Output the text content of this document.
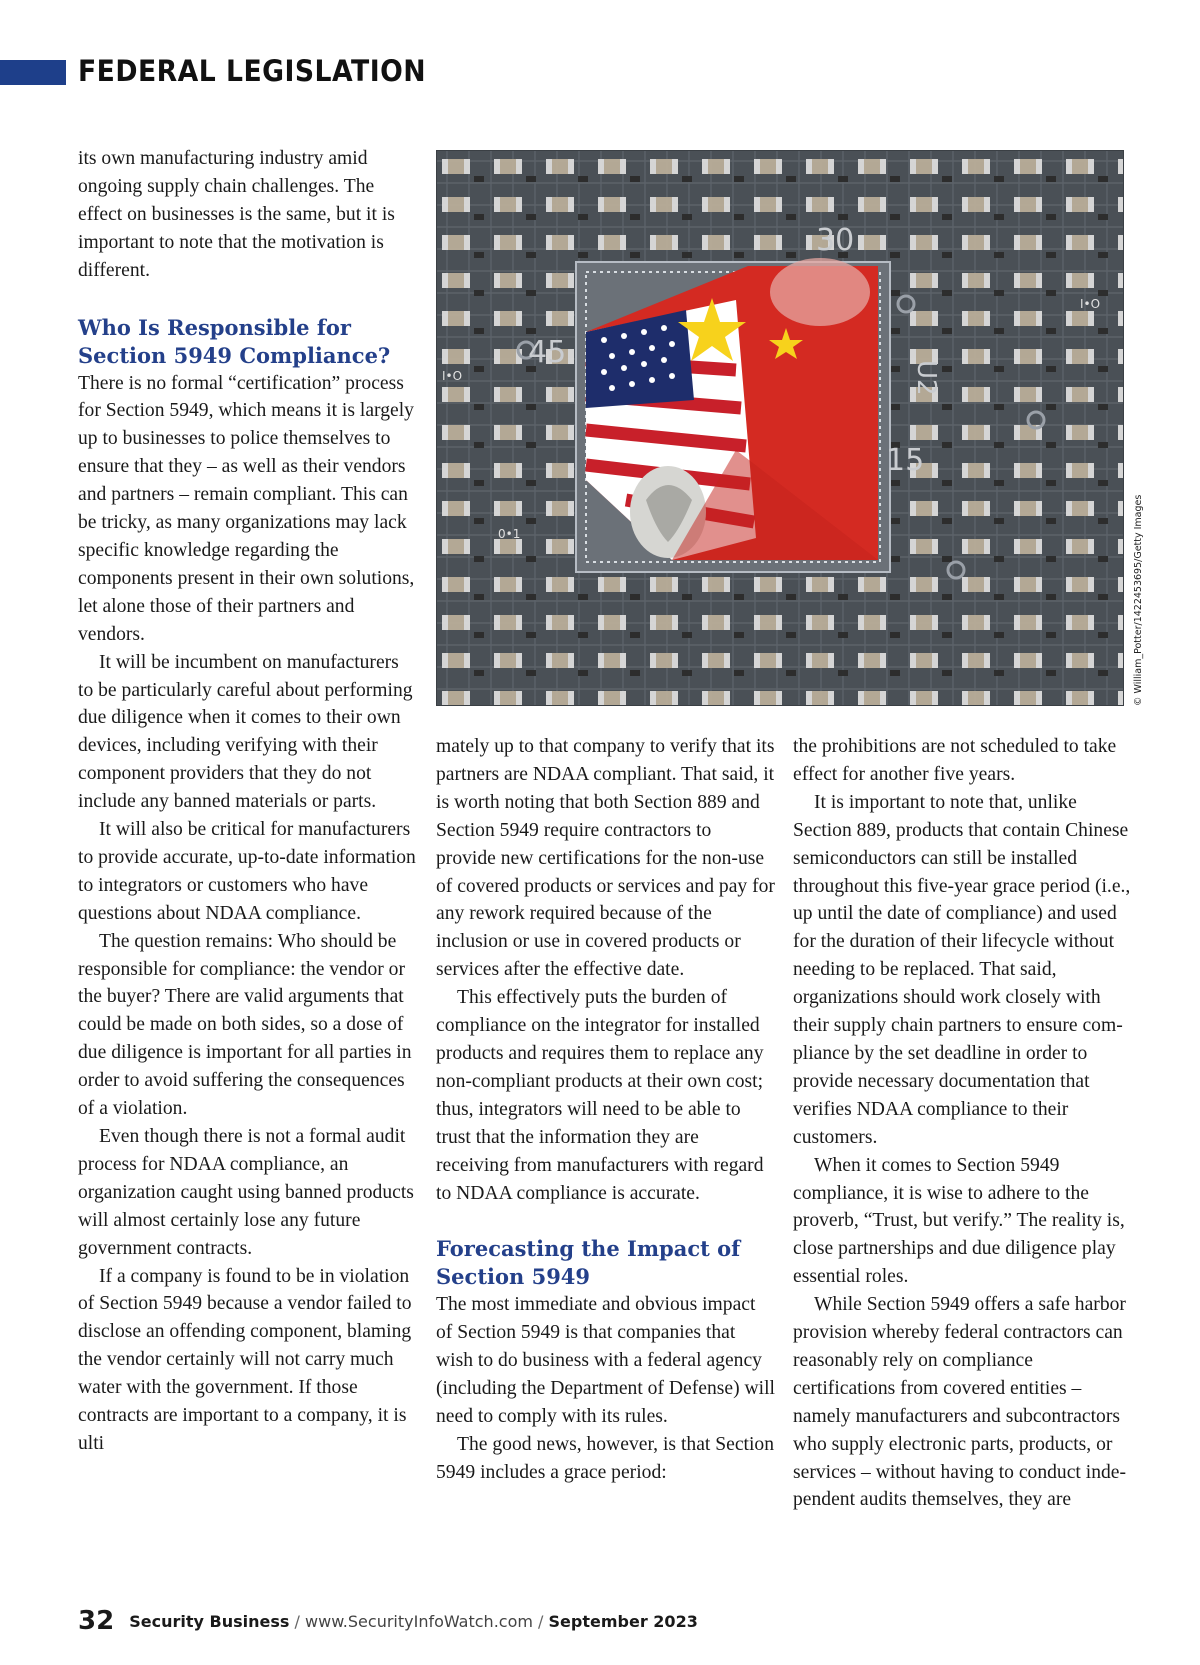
FEDERAL LEGISLATION

its own manufacturing industry amid ongoing supply chain challenges. The effect on businesses is the same, but it is important to note that the motivation is different.

Who Is Responsible for Section 5949 Compliance?

There is no formal “certification” process for Section 5949, which means it is largely up to businesses to police themselves to ensure that they – as well as their vendors and partners – remain compliant. This can be tricky, as many organizations may lack specific knowledge regarding the components present in their own solutions, let alone those of their partners and vendors.

It will be incumbent on manufacturers to be particularly careful about performing due diligence when it comes to their own devices, including verifying with their component providers that they do not include any banned materials or parts.

It will also be critical for manufacturers to provide accurate, up-to-date information to integrators or customers who have questions about NDAA compliance.

The question remains: Who should be responsible for compliance: the vendor or the buyer? There are valid arguments that could be made on both sides, so a dose of due diligence is important for all parties in order to avoid suffering the consequences of a violation.

Even though there is not a formal audit process for NDAA compliance, an organization caught using banned products will almost certainly lose any future government contracts.

If a company is found to be in violation of Section 5949 because a vendor failed to disclose an offending component, blaming the vendor certainly will not carry much water with the government. If those contracts are important to a company, it is ulti

30
45
U2
15
I•O
I•O
0•1	© William_Potter/1422453695/Getty Images

mately up to that company to verify that its partners are NDAA compliant. That said, it is worth noting that both Section 889 and Section 5949 require contractors to provide new certifications for the non-use of covered products or services and pay for any rework required because of the inclusion or use in covered products or services after the effective date.

This effectively puts the burden of compliance on the integrator for installed products and requires them to replace any non-compliant products at their own cost; thus, integrators will need to be able to trust that the information they are receiving from manufacturers with regard to NDAA compliance is accurate.

Forecasting the Impact of Section 5949

The most immediate and obvious impact of Section 5949 is that companies that wish to do business with a federal agency (including the Department of Defense) will need to comply with its rules.

The good news, however, is that Section 5949 includes a grace period:

the prohibitions are not scheduled to take effect for another five years.

It is important to note that, unlike Section 889, products that contain Chinese semiconductors can still be installed throughout this five-year grace period (i.e., up until the date of compliance) and used for the duration of their lifecycle without needing to be replaced. That said, organizations should work closely with their supply chain partners to ensure compliance by the set deadline in order to provide necessary documentation that verifies NDAA compliance to their customers.

When it comes to Section 5949 compliance, it is wise to adhere to the proverb, “Trust, but verify.” The reality is, close partnerships and due diligence play essential roles.

While Section 5949 offers a safe harbor provision whereby federal contractors can reasonably rely on compliance certifications from covered entities – namely manufacturers and subcontractors who supply electronic parts, products, or services – without having to conduct independent audits themselves, they are

32 Security Business / www.SecurityInfoWatch.com / September 2023
